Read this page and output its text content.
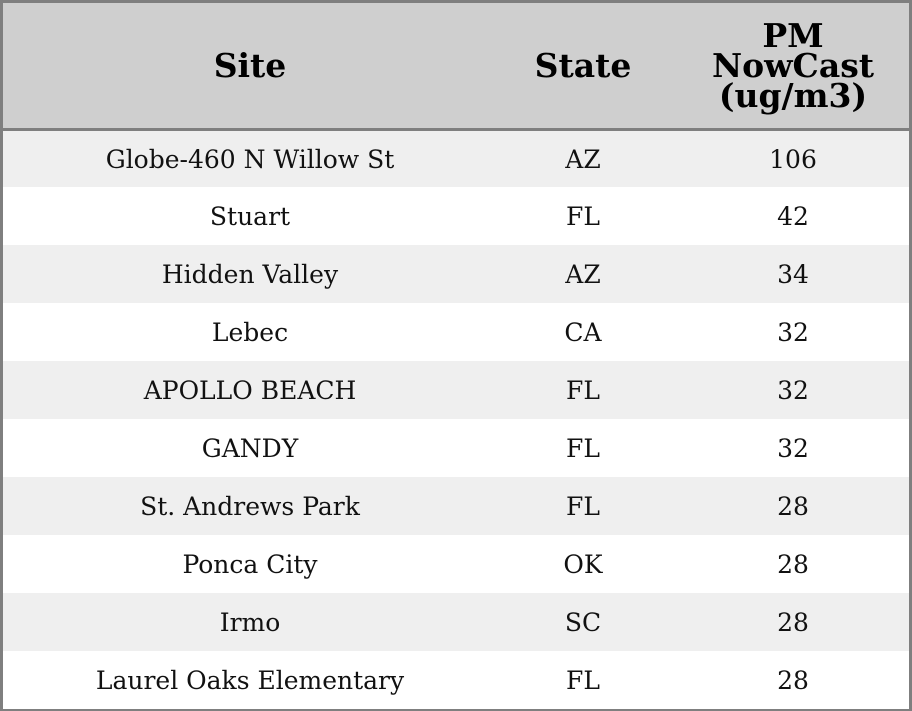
Site	State	PM NowCast (ug/m3)
Globe-460 N Willow St	AZ	106
Stuart	FL	42
Hidden Valley	AZ	34
Lebec	CA	32
APOLLO BEACH	FL	32
GANDY	FL	32
St. Andrews Park	FL	28
Ponca City	OK	28
Irmo	SC	28
Laurel Oaks Elementary	FL	28
